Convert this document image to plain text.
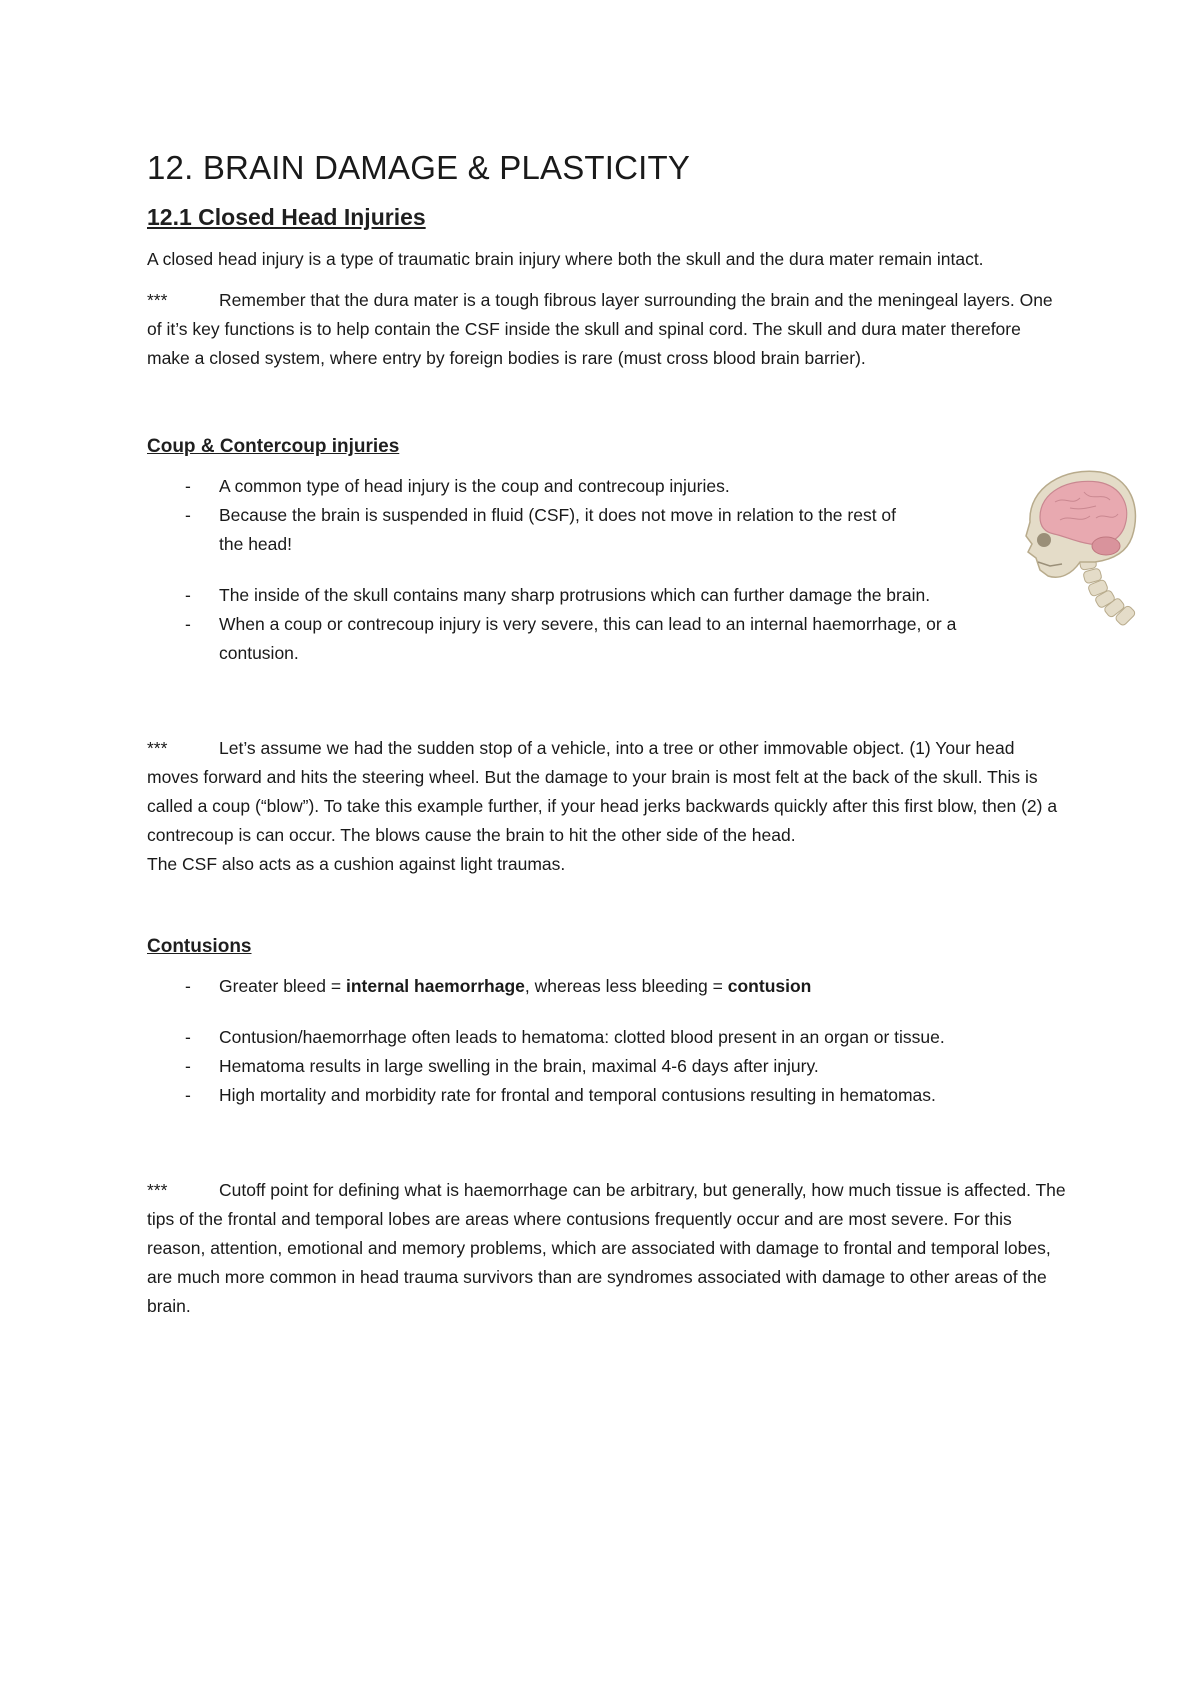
12. BRAIN DAMAGE & PLASTICITY
12.1 Closed Head Injuries

A closed head injury is a type of traumatic brain injury where both the skull and the dura mater remain intact.

***	Remember that the dura mater is a tough fibrous layer surrounding the brain and the meningeal layers. One of it’s key functions is to help contain the CSF inside the skull and spinal cord. The skull and dura mater therefore make a closed system, where entry by foreign bodies is rare (must cross blood brain barrier).

Coup & Contercoup injuries
- A common type of head injury is the coup and contrecoup injuries.
- Because the brain is suspended in fluid (CSF), it does not move in relation to the rest of the head!
- The inside of the skull contains many sharp protrusions which can further damage the brain.
- When a coup or contrecoup injury is very severe, this can lead to an internal haemorrhage, or a contusion.

***	Let’s assume we had the sudden stop of a vehicle, into a tree or other immovable object. (1) Your head moves forward and hits the steering wheel. But the damage to your brain is most felt at the back of the skull. This is called a coup (“blow”). To take this example further, if your head jerks backwards quickly after this first blow, then (2) a contrecoup is can occur. The blows cause the brain to hit the other side of the head.

The CSF also acts as a cushion against light traumas.

Contusions
- Greater bleed = internal haemorrhage, whereas less bleeding = contusion
- Contusion/haemorrhage often leads to hematoma: clotted blood present in an organ or tissue.
- Hematoma results in large swelling in the brain, maximal 4-6 days after injury.
- High mortality and morbidity rate for frontal and temporal contusions resulting in hematomas.

***	Cutoff point for defining what is haemorrhage can be arbitrary, but generally, how much tissue is affected. The tips of the frontal and temporal lobes are areas where contusions frequently occur and are most severe. For this reason, attention, emotional and memory problems, which are associated with damage to frontal and temporal lobes, are much more common in head trauma survivors than are syndromes associated with damage to other areas of the brain.
